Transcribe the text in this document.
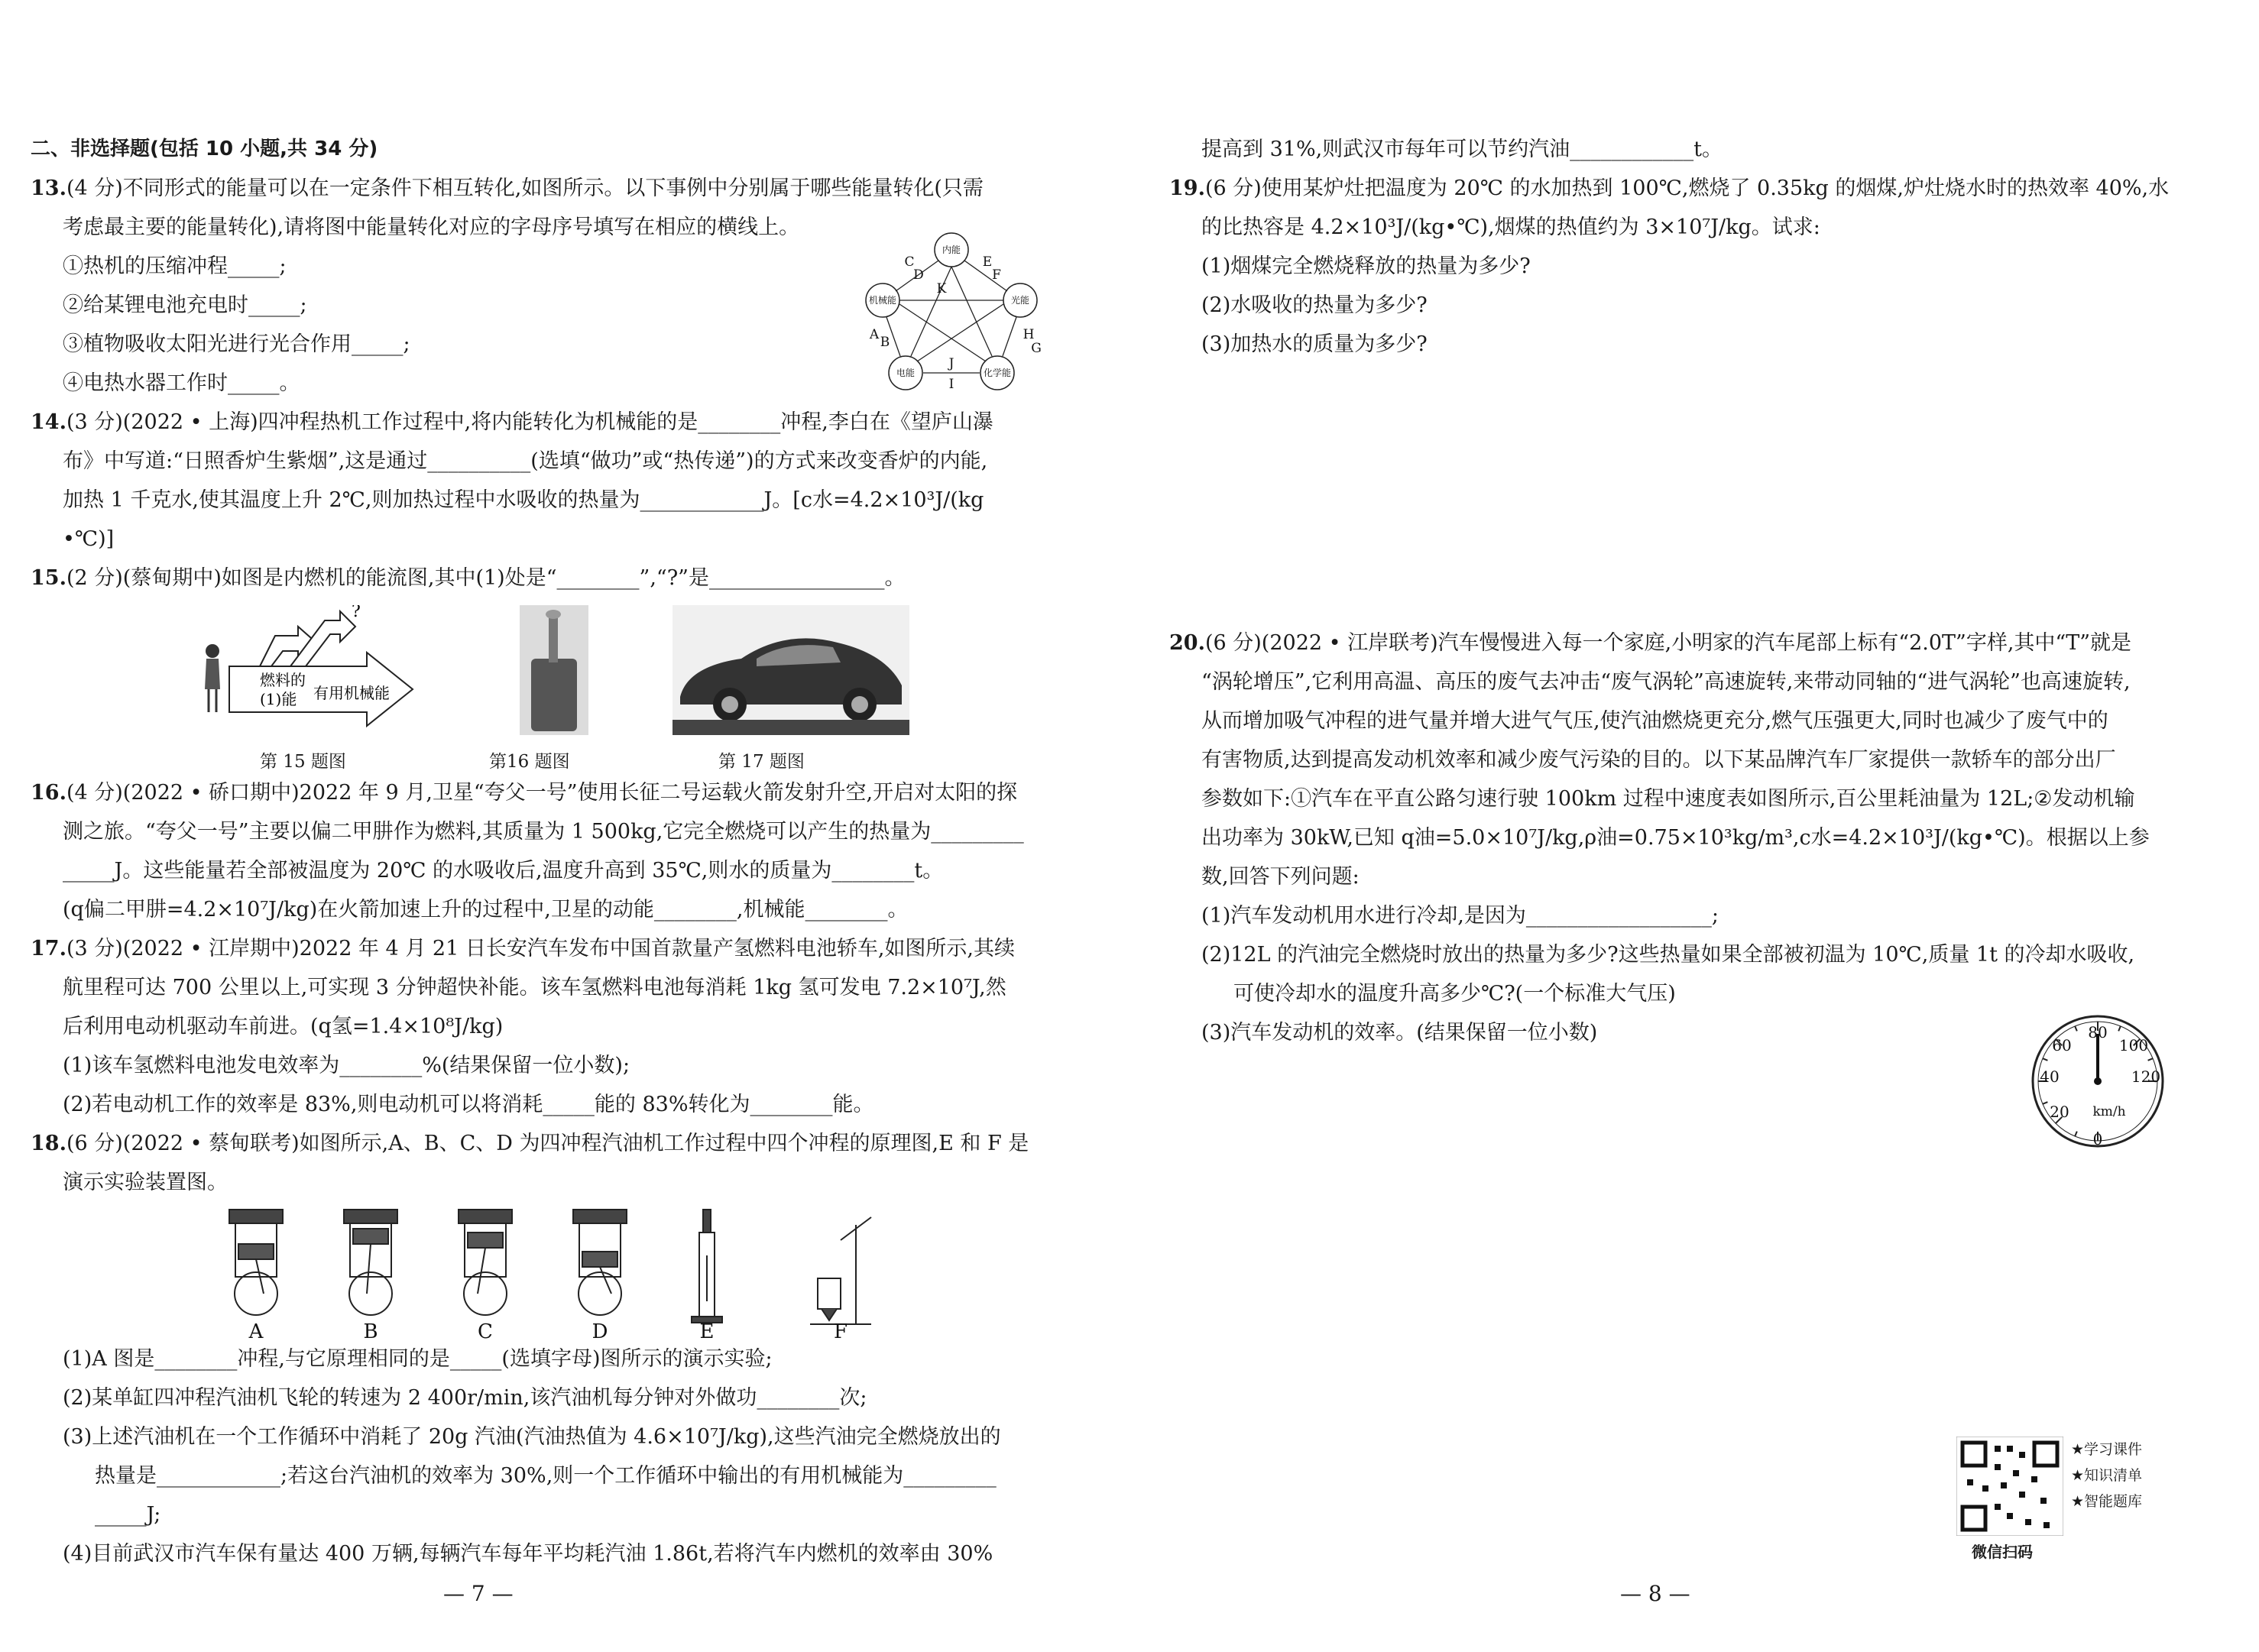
二、非选择题(包括 10 小题,共 34 分)
13.(4 分)不同形式的能量可以在一定条件下相互转化,如图所示。以下事例中分别属于哪些能量转化(只需
考虑最主要的能量转化),请将图中能量转化对应的字母序号填写在相应的横线上。
①热机的压缩冲程_____;
②给某锂电池充电时_____;
③植物吸收太阳光进行光合作用_____;
④电热水器工作时_____。
内能
光能
化学能
电能
机械能
C
D
E
F
K
A B	H
G
J
I
14.(3 分)(2022 • 上海)四冲程热机工作过程中,将内能转化为机械能的是________冲程,李白在《望庐山瀑
布》中写道:“日照香炉生紫烟”,这是通过__________(选填“做功”或“热传递”)的方式来改变香炉的内能,
加热 1 千克水,使其温度上升 2℃,则加热过程中水吸收的热量为____________J。[c水=4.2×10³J/(kg
•℃)]
15.(2 分)(蔡甸期中)如图是内燃机的能流图,其中(1)处是“________”,“?”是_________________。
燃料的
(1)能 有用机械能
?
第 15 题图	第16 题图	第 17 题图
16.(4 分)(2022 • 硚口期中)2022 年 9 月,卫星“夸父一号”使用长征二号运载火箭发射升空,开启对太阳的探
测之旅。“夸父一号”主要以偏二甲肼作为燃料,其质量为 1 500kg,它完全燃烧可以产生的热量为_________
_____J。这些能量若全部被温度为 20℃ 的水吸收后,温度升高到 35℃,则水的质量为________t。
(q偏二甲肼=4.2×10⁷J/kg)在火箭加速上升的过程中,卫星的动能________,机械能________。
17.(3 分)(2022 • 江岸期中)2022 年 4 月 21 日长安汽车发布中国首款量产氢燃料电池轿车,如图所示,其续
航里程可达 700 公里以上,可实现 3 分钟超快补能。该车氢燃料电池每消耗 1kg 氢可发电 7.2×10⁷J,然
后利用电动机驱动车前进。(q氢=1.4×10⁸J/kg)
(1)该车氢燃料电池发电效率为________%(结果保留一位小数);
(2)若电动机工作的效率是 83%,则电动机可以将消耗_____能的 83%转化为________能。
18.(6 分)(2022 • 蔡甸联考)如图所示,A、B、C、D 为四冲程汽油机工作过程中四个冲程的原理图,E 和 F 是
演示实验装置图。
A	B	C	D	E	F
(1)A 图是________冲程,与它原理相同的是_____(选填字母)图所示的演示实验;
(2)某单缸四冲程汽油机飞轮的转速为 2 400r/min,该汽油机每分钟对外做功________次;
(3)上述汽油机在一个工作循环中消耗了 20g 汽油(汽油热值为 4.6×10⁷J/kg),这些汽油完全燃烧放出的
热量是____________;若这台汽油机的效率为 30%,则一个工作循环中输出的有用机械能为_________
_____J;
(4)目前武汉市汽车保有量达 400 万辆,每辆汽车每年平均耗汽油 1.86t,若将汽车内燃机的效率由 30%
— 7 —
提高到 31%,则武汉市每年可以节约汽油____________t。
19.(6 分)使用某炉灶把温度为 20℃ 的水加热到 100℃,燃烧了 0.35kg 的烟煤,炉灶烧水时的热效率 40%,水
的比热容是 4.2×10³J/(kg•℃),烟煤的热值约为 3×10⁷J/kg。试求:
(1)烟煤完全燃烧释放的热量为多少?
(2)水吸收的热量为多少?
(3)加热水的质量为多少?
20.(6 分)(2022 • 江岸联考)汽车慢慢进入每一个家庭,小明家的汽车尾部上标有“2.0T”字样,其中“T”就是
“涡轮增压”,它利用高温、高压的废气去冲击“废气涡轮”高速旋转,来带动同轴的“进气涡轮”也高速旋转,
从而增加吸气冲程的进气量并增大进气气压,使汽油燃烧更充分,燃气压强更大,同时也减少了废气中的
有害物质,达到提高发动机效率和减少废气污染的目的。以下某品牌汽车厂家提供一款轿车的部分出厂
参数如下:①汽车在平直公路匀速行驶 100km 过程中速度表如图所示,百公里耗油量为 12L;②发动机输
出功率为 30kW,已知 q油=5.0×10⁷J/kg,ρ油=0.75×10³kg/m³,c水=4.2×10³J/(kg•℃)。根据以上参
数,回答下列问题:
(1)汽车发动机用水进行冷却,是因为__________________;
(2)12L 的汽油完全燃烧时放出的热量为多少?这些热量如果全部被初温为 10℃,质量 1t 的冷却水吸收,
可使冷却水的温度升高多少℃?(一个标准大气压)
(3)汽车发动机的效率。(结果保留一位小数)
0
20
40
60
80
100
120
km/h
★学习课件
★知识清单
★智能题库
微信扫码
— 8 —
